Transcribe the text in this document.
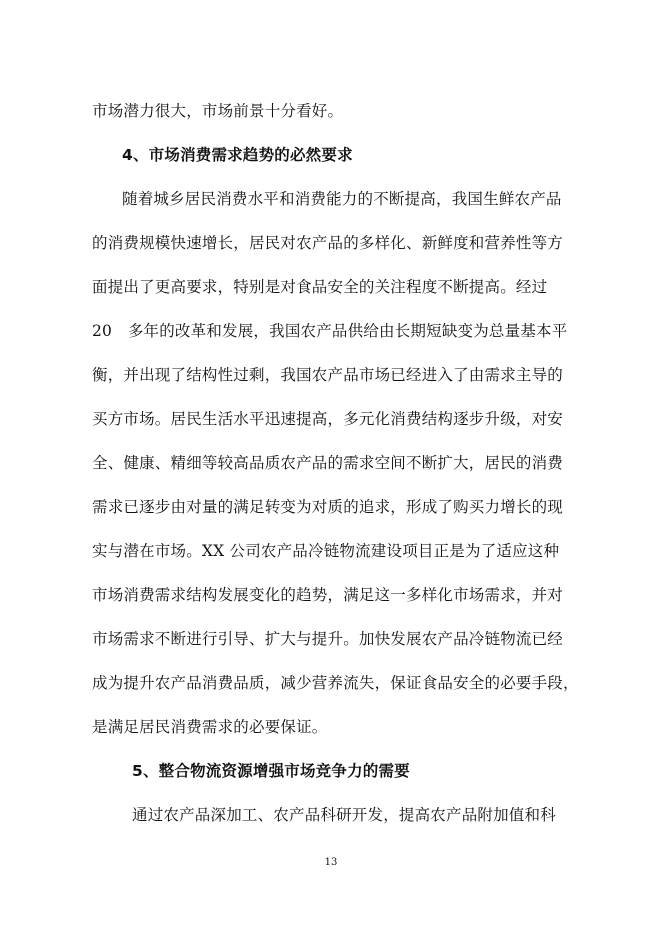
市场潜力很大，市场前景十分看好。
4、市场消费需求趋势的必然要求
随着城乡居民消费水平和消费能力的不断提高，我国生鲜农产品
的消费规模快速增长，居民对农产品的多样化、新鲜度和营养性等方
面提出了更高要求，特别是对食品安全的关注程度不断提高。经过
20　多年的改革和发展，我国农产品供给由长期短缺变为总量基本平
衡，并出现了结构性过剩，我国农产品市场已经进入了由需求主导的
买方市场。居民生活水平迅速提高，多元化消费结构逐步升级，对安
全、健康、精细等较高品质农产品的需求空间不断扩大，居民的消费
需求已逐步由对量的满足转变为对质的追求，形成了购买力增长的现
实与潜在市场。XX 公司农产品冷链物流建设项目正是为了适应这种
市场消费需求结构发展变化的趋势，满足这一多样化市场需求，并对
市场需求不断进行引导、扩大与提升。加快发展农产品冷链物流已经
成为提升农产品消费品质，减少营养流失，保证食品安全的必要手段，
是满足居民消费需求的必要保证。
5、整合物流资源增强市场竞争力的需要
通过农产品深加工、农产品科研开发，提高农产品附加值和科
13
